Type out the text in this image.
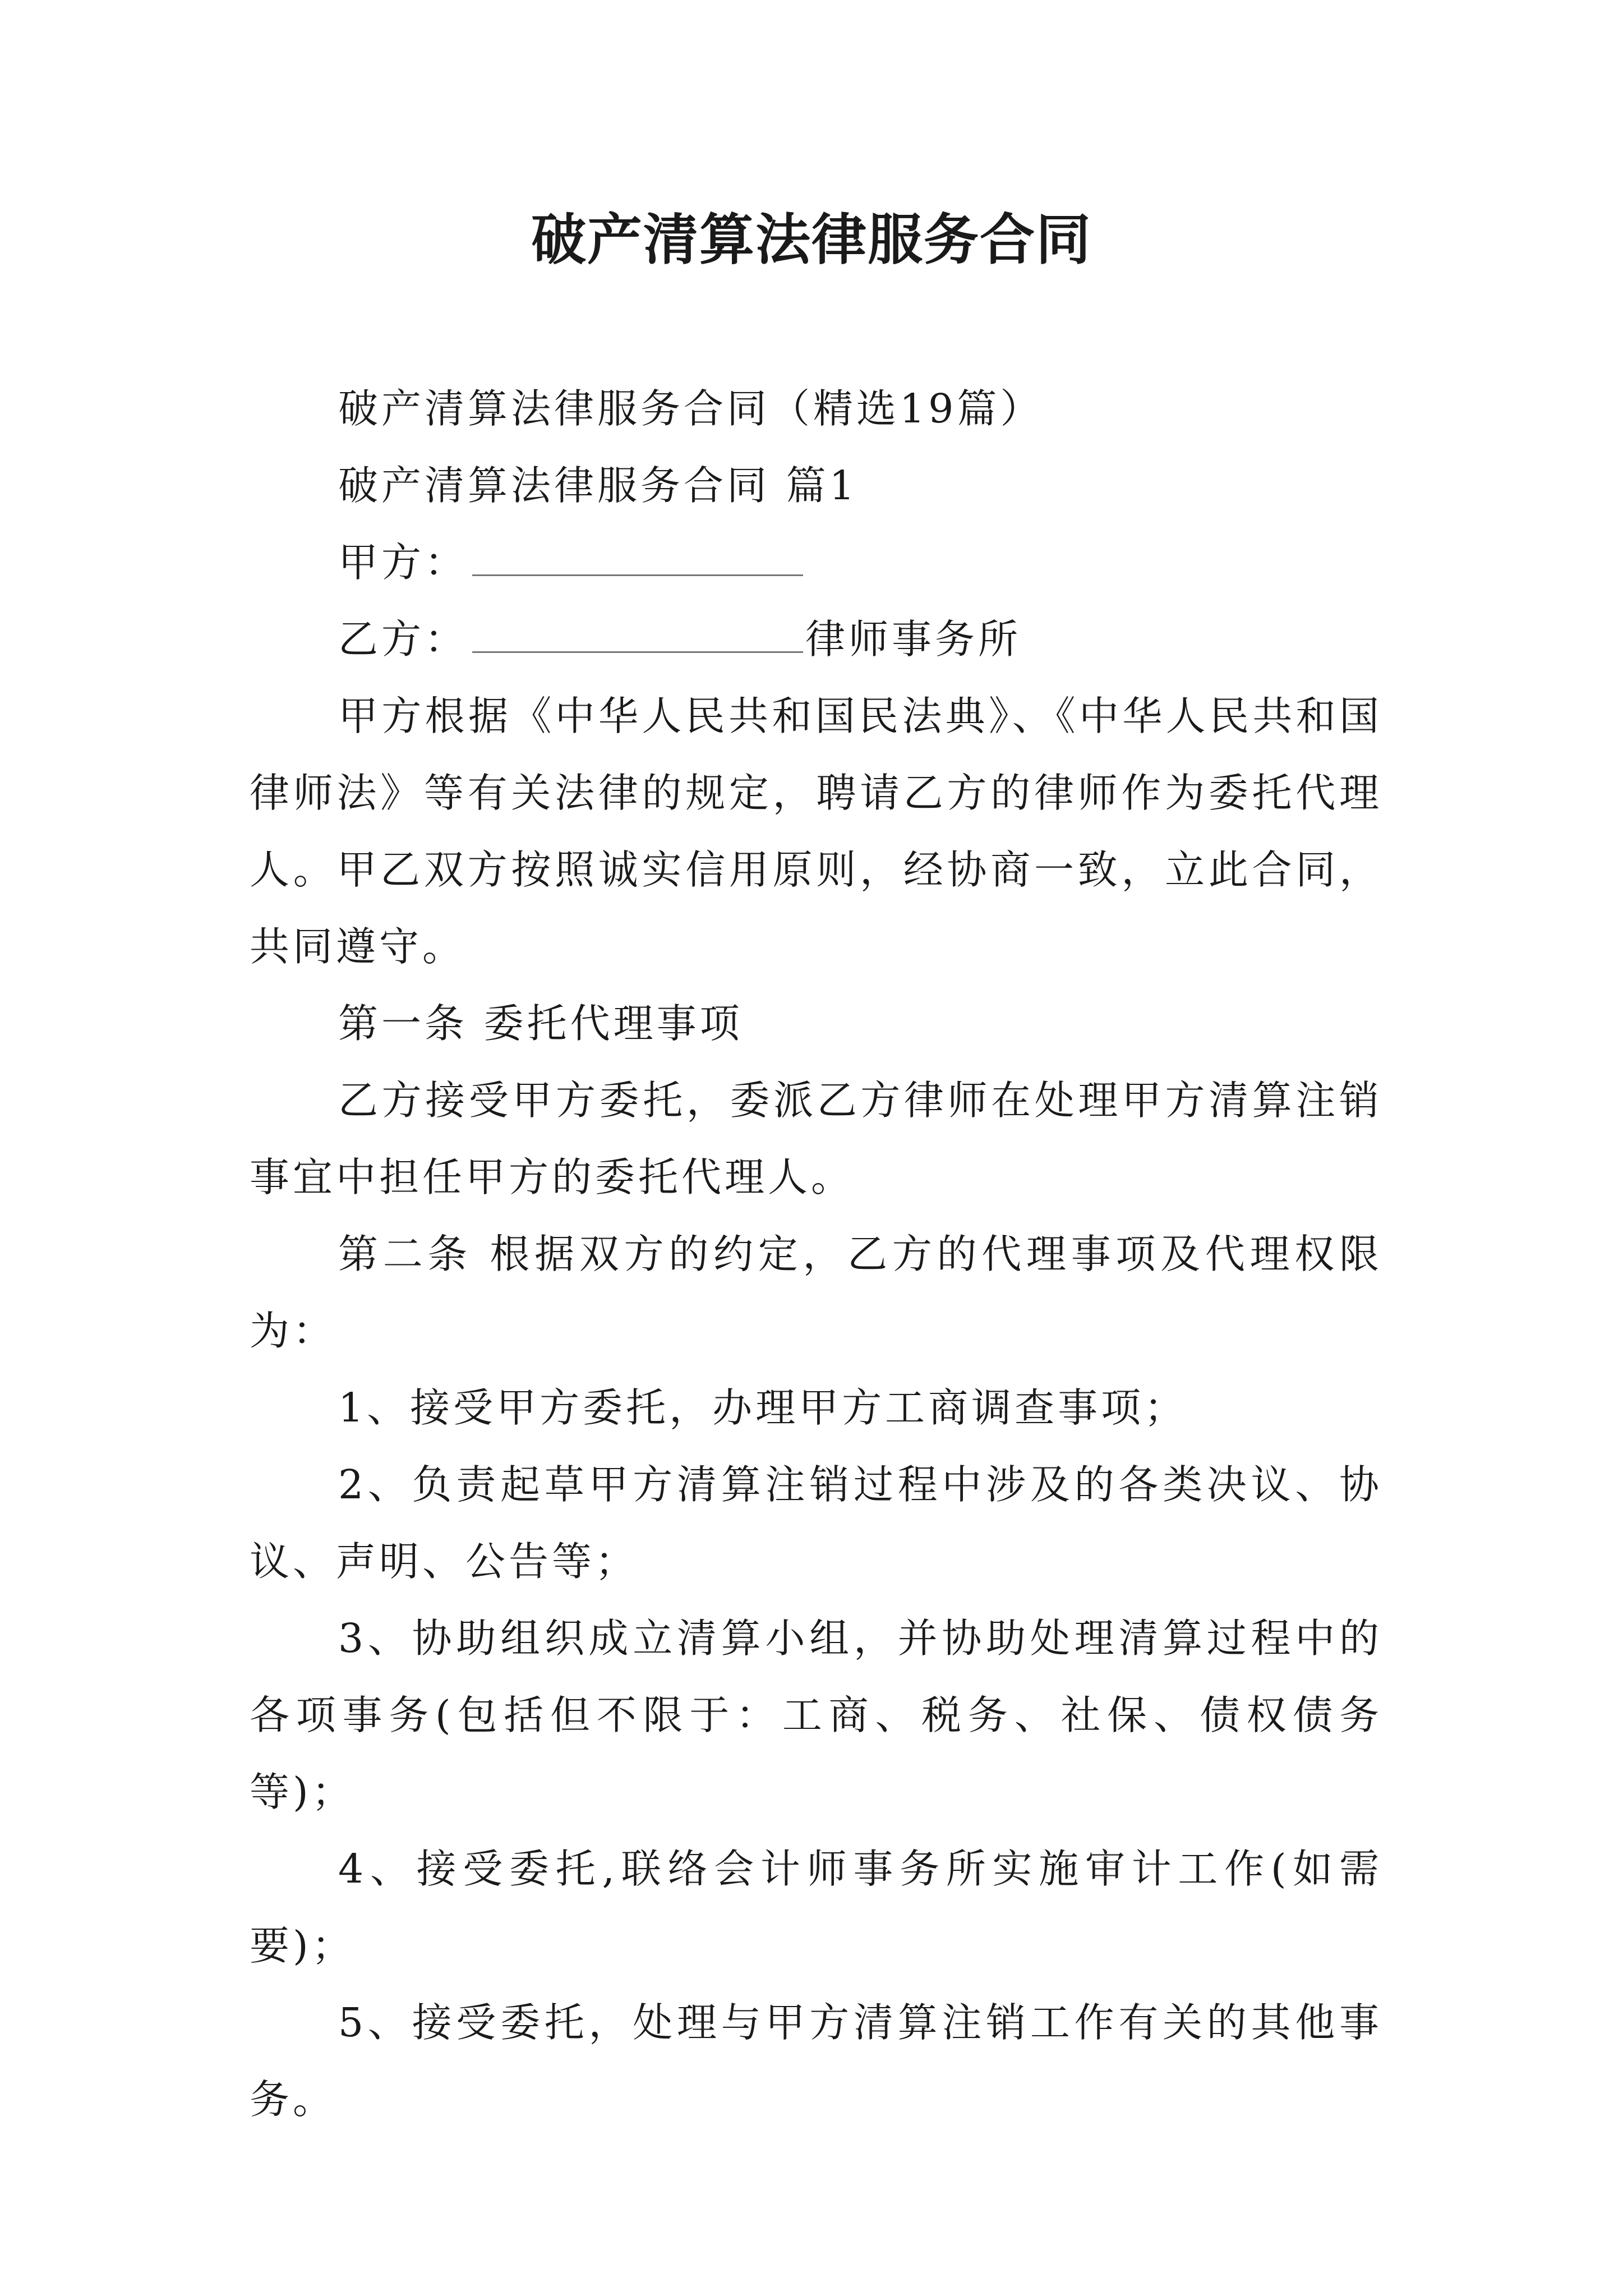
破产清算法律服务合同

破产清算法律服务合同（精选19篇）

破产清算法律服务合同 篇1

甲方：

乙方：	律师事务所

甲方根据《中华人民共和国民法典》、《中华人民共和国律师法》等有关法律的规定，聘请乙方的律师作为委托代理人。甲乙双方按照诚实信用原则，经协商一致，立此合同，共同遵守。

第一条 委托代理事项

乙方接受甲方委托，委派乙方律师在处理甲方清算注销事宜中担任甲方的委托代理人。

第二条 根据双方的约定，乙方的代理事项及代理权限为：

1、接受甲方委托，办理甲方工商调查事项；

2、负责起草甲方清算注销过程中涉及的各类决议、协议、声明、公告等；

3、协助组织成立清算小组，并协助处理清算过程中的各项事务(包括但不限于：工商、税务、社保、债权债务等)；

4、接受委托,联络会计师事务所实施审计工作(如需要)；

5、接受委托，处理与甲方清算注销工作有关的其他事务。
